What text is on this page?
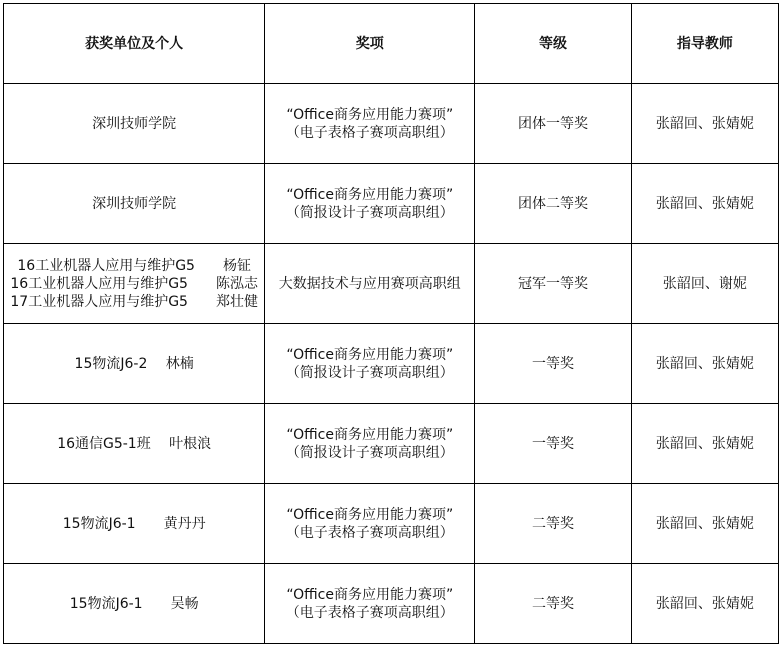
获奖单位及个人	奖项	等级	指导教师

深圳技师学院	“Office商务应用能力赛项”
（电子表格子赛项高职组）	团体一等奖	张韶回、张婧妮

深圳技师学院	“Office商务应用能力赛项”
（简报设计子赛项高职组）	团体二等奖	张韶回、张婧妮

16工业机器人应用与维护G5　　杨钲
16工业机器人应用与维护G5　　陈泓志
17工业机器人应用与维护G5　　郑壮健	大数据技术与应用赛项高职组	冠军一等奖	张韶回、谢妮

15物流J6-2　 林楠	“Office商务应用能力赛项”
（简报设计子赛项高职组）	一等奖	张韶回、张婧妮

16通信G5-1班　 叶根浪	“Office商务应用能力赛项”
（简报设计子赛项高职组）	一等奖	张韶回、张婧妮

15物流J6-1　　黄丹丹	“Office商务应用能力赛项”
（电子表格子赛项高职组）	二等奖	张韶回、张婧妮

15物流J6-1　　吴畅	“Office商务应用能力赛项”
（电子表格子赛项高职组）	二等奖	张韶回、张婧妮
